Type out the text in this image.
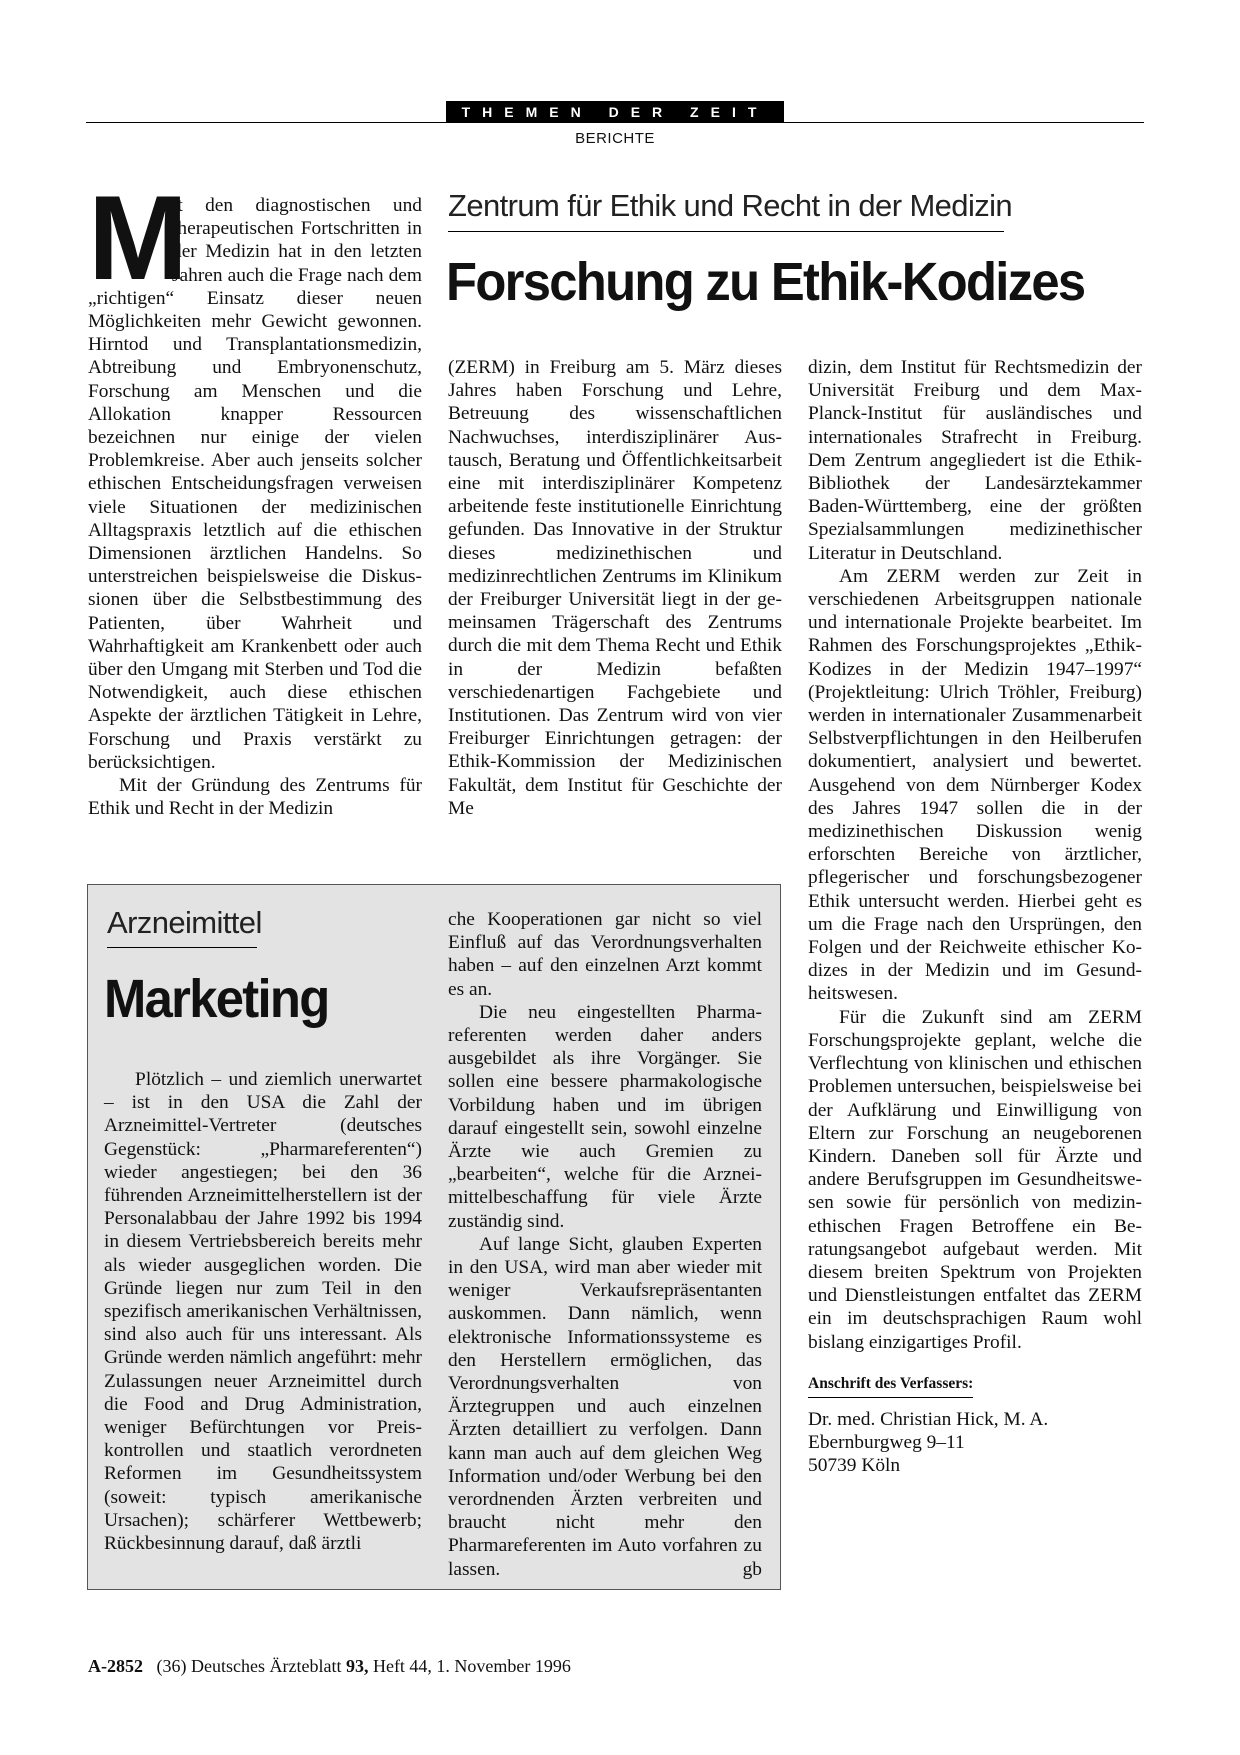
THEMEN DER ZEIT
BERICHTE
M

it den diagnostischen und therapeutischen Fortschritten in der Medizin hat in den letzten Jahren auch die Frage nach dem „richtigen“ Einsatz dieser neuen Möglichkeiten mehr Gewicht gewonnen. Hirntod und Transplantationsmedizin, Abtreibung und Embryonenschutz, Forschung am Menschen und die Allokation knapper Ressourcen bezeichnen nur einige der vielen Problemkreise. Aber auch jenseits solcher ethischen Entscheidungsfragen verweisen viele Situationen der medizinischen Alltagspraxis letztlich auf die ethischen Dimensionen ärztlichen Handelns. So unterstreichen beispielsweise die Diskussionen über die Selbstbestimmung des Patienten, über Wahrheit und Wahrhaftigkeit am Krankenbett oder auch über den Umgang mit Sterben und Tod die Notwendigkeit, auch diese ethischen Aspekte der ärztlichen Tätigkeit in Lehre, Forschung und Praxis verstärkt zu berücksichtigen.

Mit der Gründung des Zentrums für Ethik und Recht in der Medizin

Zentrum für Ethik und Recht in der Medizin
Forschung zu Ethik-Kodizes

(ZERM) in Freiburg am 5. März dieses Jahres haben Forschung und Lehre, Betreuung des wissenschaftlichen Nachwuchses, interdisziplinärer Austausch, Beratung und Öffentlichkeitsarbeit eine mit interdisziplinärer Kompetenz arbeitende feste institutionelle Einrichtung gefunden. Das Innovative in der Struktur dieses medizinethischen und medizinrechtlichen Zentrums im Klinikum der Freiburger Universität liegt in der gemeinsamen Trägerschaft des Zentrums durch die mit dem Thema Recht und Ethik in der Medizin befaßten verschiedenartigen Fachgebiete und Institutionen. Das Zentrum wird von vier Freiburger Einrichtungen getragen: der Ethik-Kommission der Medizinischen Fakultät, dem Institut für Geschichte der Me

dizin, dem Institut für Rechtsmedizin der Universität Freiburg und dem Max-Planck-Institut für ausländisches und internationales Strafrecht in Freiburg. Dem Zentrum angegliedert ist die Ethik-Bibliothek der Landesärztekammer Baden-Württemberg, eine der größten Spezialsammlungen medizinethischer Literatur in Deutschland.

Am ZERM werden zur Zeit in verschiedenen Arbeitsgruppen nationale und internationale Projekte bearbeitet. Im Rahmen des Forschungsprojektes „Ethik-Kodizes in der Medizin 1947–1997“ (Projektleitung: Ulrich Tröhler, Freiburg) werden in internationaler Zusammenarbeit Selbstverpflichtungen in den Heilberufen dokumentiert, analysiert und bewertet. Ausgehend von dem Nürnberger Kodex des Jahres 1947 sollen die in der medizinethischen Diskussion wenig erforschten Bereiche von ärztlicher, pflegerischer und forschungsbezogener Ethik untersucht werden. Hierbei geht es um die Frage nach den Ursprüngen, den Folgen und der Reichweite ethischer Kodizes in der Medizin und im Gesundheitswesen.

Für die Zukunft sind am ZERM Forschungsprojekte geplant, welche die Verflechtung von klinischen und ethischen Problemen untersuchen, beispielsweise bei der Aufklärung und Einwilligung von Eltern zur Forschung an neugeborenen Kindern. Daneben soll für Ärzte und andere Berufsgruppen im Gesundheitswesen sowie für persönlich von medizinethischen Fragen Betroffene ein Beratungsangebot aufgebaut werden. Mit diesem breiten Spektrum von Projekten und Dienstleistungen entfaltet das ZERM ein im deutschsprachigen Raum wohl bislang einzigartiges Profil.

Anschrift des Verfassers:
Dr. med. Christian Hick, M. A.
Ebernburgweg 9–11
50739 Köln
Arzneimittel
Marketing

Plötzlich – und ziemlich unerwartet – ist in den USA die Zahl der Arzneimittel-Vertreter (deutsches Gegenstück: „Pharmareferenten“) wieder angestiegen; bei den 36 führenden Arzneimittelherstellern ist der Personalabbau der Jahre 1992 bis 1994 in diesem Vertriebsbereich bereits mehr als wieder ausgeglichen worden. Die Gründe liegen nur zum Teil in den spezifisch amerikanischen Verhältnissen, sind also auch für uns interessant. Als Gründe werden nämlich angeführt: mehr Zulassungen neuer Arzneimittel durch die Food and Drug Administration, weniger Befürchtungen vor Preiskontrollen und staatlich verordneten Reformen im Gesundheitssystem (soweit: typisch amerikanische Ursachen); schärferer Wettbewerb; Rückbesinnung darauf, daß ärztli

che Kooperationen gar nicht so viel Einfluß auf das Verordnungsverhalten haben – auf den einzelnen Arzt kommt es an.

Die neu eingestellten Pharmareferenten werden daher anders ausgebildet als ihre Vorgänger. Sie sollen eine bessere pharmakologische Vorbildung haben und im übrigen darauf eingestellt sein, sowohl einzelne Ärzte wie auch Gremien zu „bearbeiten“, welche für die Arzneimittelbeschaffung für viele Ärzte zuständig sind.

Auf lange Sicht, glauben Experten in den USA, wird man aber wieder mit weniger Verkaufsrepräsentanten auskommen. Dann nämlich, wenn elektronische Informationssysteme es den Herstellern ermöglichen, das Verordnungsverhalten von Ärztegruppen und auch einzelnen Ärzten detailliert zu verfolgen. Dann kann man auch auf dem gleichen Weg Information und/oder Werbung bei den verordnenden Ärzten verbreiten und braucht nicht mehr den Pharmareferenten im Auto vorfahren zu lassen.	gb

A-2852 (36) Deutsches Ärzteblatt 93, Heft 44, 1. November 1996
